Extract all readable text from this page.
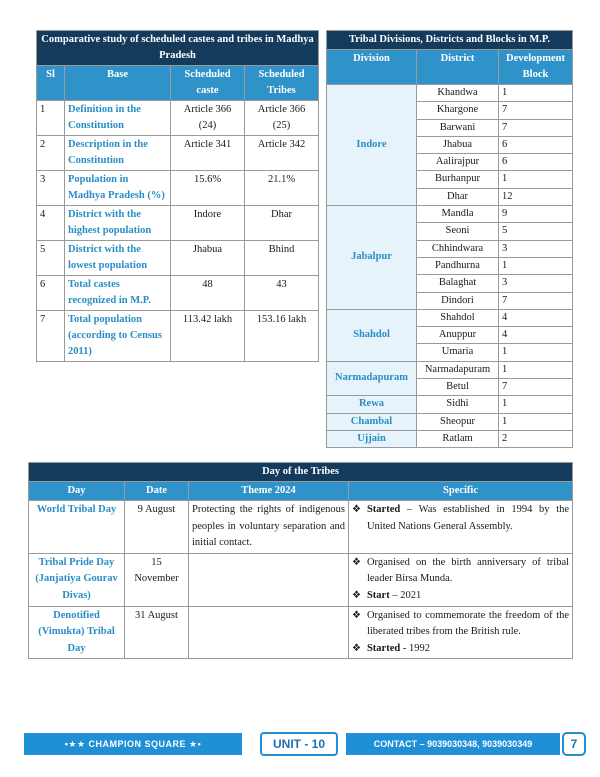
Comparative study of scheduled castes and tribes in Madhya Pradesh			
Sl	Base	Scheduled caste	Scheduled Tribes
1	Definition in the Constitution	Article 366 (24)	Article 366 (25)
2	Description in the Constitution	Article 341	Article 342
3	Population in Madhya Pradesh (%)	15.6%	21.1%
4	District with the highest population	Indore	Dhar
5	District with the lowest population	Jhabua	Bhind
6	Total castes recognized in M.P.	48	43
7	Total population (according to Census 2011)	113.42 lakh	153.16 lakh
Tribal Divisions, Districts and Blocks in M.P.		
Division	District	Development Block
Indore	Khandwa	1
	Khargone	7
	Barwani	7
	Jhabua	6
	Aalirajpur	6
	Burhanpur	1
	Dhar	12
Jabalpur	Mandla	9
	Seoni	5
	Chhindwara	3
	Pandhurna	1
	Balaghat	3
	Dindori	7
Shahdol	Shahdol	4
	Anuppur	4
	Umaria	1
Narmadapuram	Narmadapuram	1
	Betul	7
Rewa	Sidhi	1
Chambal	Sheopur	1
Ujjain	Ratlam	2
Day of the Tribes			
Day	Date	Theme 2024	Specific
World Tribal Day	9 August	Protecting the rights of indigenous peoples in voluntary separation and initial contact.	❖ Started – Was established in 1994 by the United Nations General Assembly.

Tribal Pride Day (Janjatiya Gourav Divas)	15 November		❖ Organised on the birth anniversary of tribal leader Birsa Munda.
❖ Start – 2021

Denotified (Vimukta) Tribal Day	31 August		❖ Organised to commemorate the freedom of the liberated tribes from the British rule.
❖ Started - 1992
•★★ CHAMPION SQUARE ★•	UNIT - 10	CONTACT – 9039030348, 9039030349	7
